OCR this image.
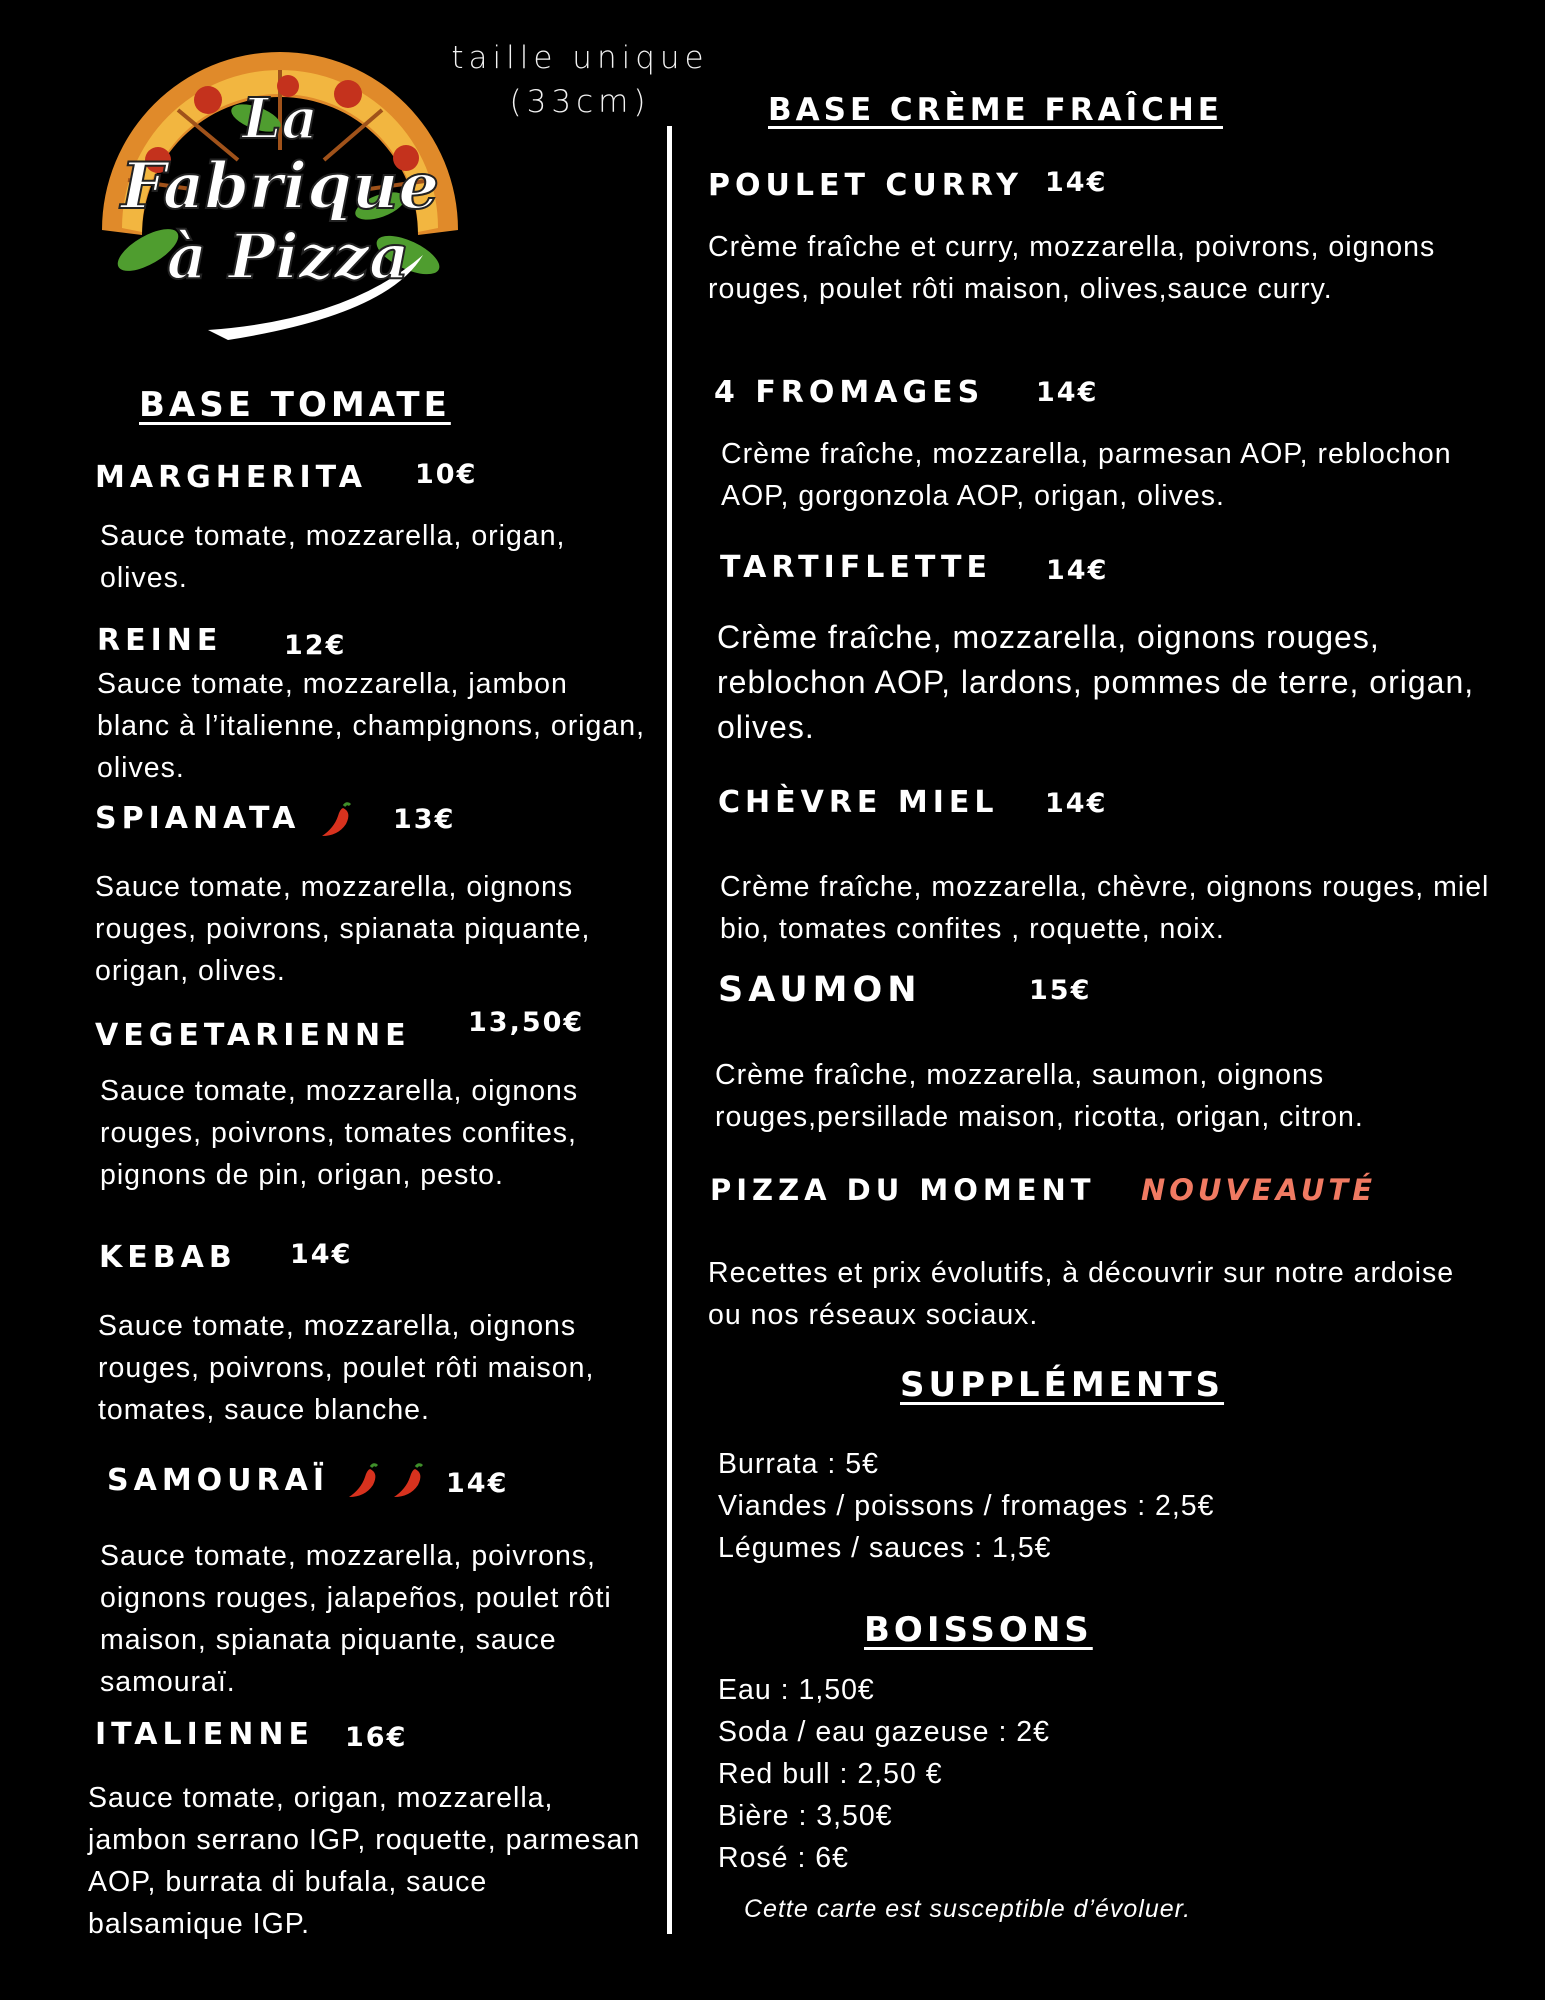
La
Fabrique
à Pizza
taille unique
(33cm)
BASE TOMATE
MARGHERITA 10€
Sauce tomate, mozzarella, origan, olives.
REINE 12€
Sauce tomate, mozzarella, jambon blanc à l’italienne, champignons, origan, olives.
SPIANATA	13€
Sauce tomate, mozzarella, oignons rouges, poivrons, spianata piquante, origan, olives.
VEGETARIENNE 13,50€
Sauce tomate, mozzarella, oignons rouges, poivrons, tomates confites, pignons de pin, origan, pesto.
KEBAB 14€
Sauce tomate, mozzarella, oignons rouges, poivrons, poulet rôti maison, tomates, sauce blanche.
SAMOURAÏ	14€
Sauce tomate, mozzarella, poivrons, oignons rouges, jalapeños, poulet rôti maison, spianata piquante, sauce samouraï.
ITALIENNE 16€
Sauce tomate, origan, mozzarella, jambon serrano IGP, roquette, parmesan AOP, burrata di bufala, sauce balsamique IGP.
BASE CRÈME FRAÎCHE
POULET CURRY 14€
Crème fraîche et curry, mozzarella, poivrons, oignons rouges, poulet rôti maison, olives,sauce curry.
4 FROMAGES 14€
Crème fraîche, mozzarella, parmesan AOP, reblochon AOP, gorgonzola AOP, origan, olives.
TARTIFLETTE 14€
Crème fraîche, mozzarella, oignons rouges, reblochon AOP, lardons, pommes de terre, origan, olives.
CHÈVRE MIEL 14€
Crème fraîche, mozzarella, chèvre, oignons rouges, miel bio, tomates confites , roquette, noix.
SAUMON	15€
Crème fraîche, mozzarella, saumon, oignons rouges,persillade maison, ricotta, origan, citron.
PIZZA DU MOMENT NOUVEAUTÉ
Recettes et prix évolutifs, à découvrir sur notre ardoise ou nos réseaux sociaux.
SUPPLÉMENTS
Burrata : 5€
Viandes / poissons / fromages : 2,5€
Légumes / sauces : 1,5€
BOISSONS
Eau : 1,50€
Soda / eau gazeuse : 2€
Red bull : 2,50 €
Bière : 3,50€
Rosé : 6€
Cette carte est susceptible d’évoluer.
